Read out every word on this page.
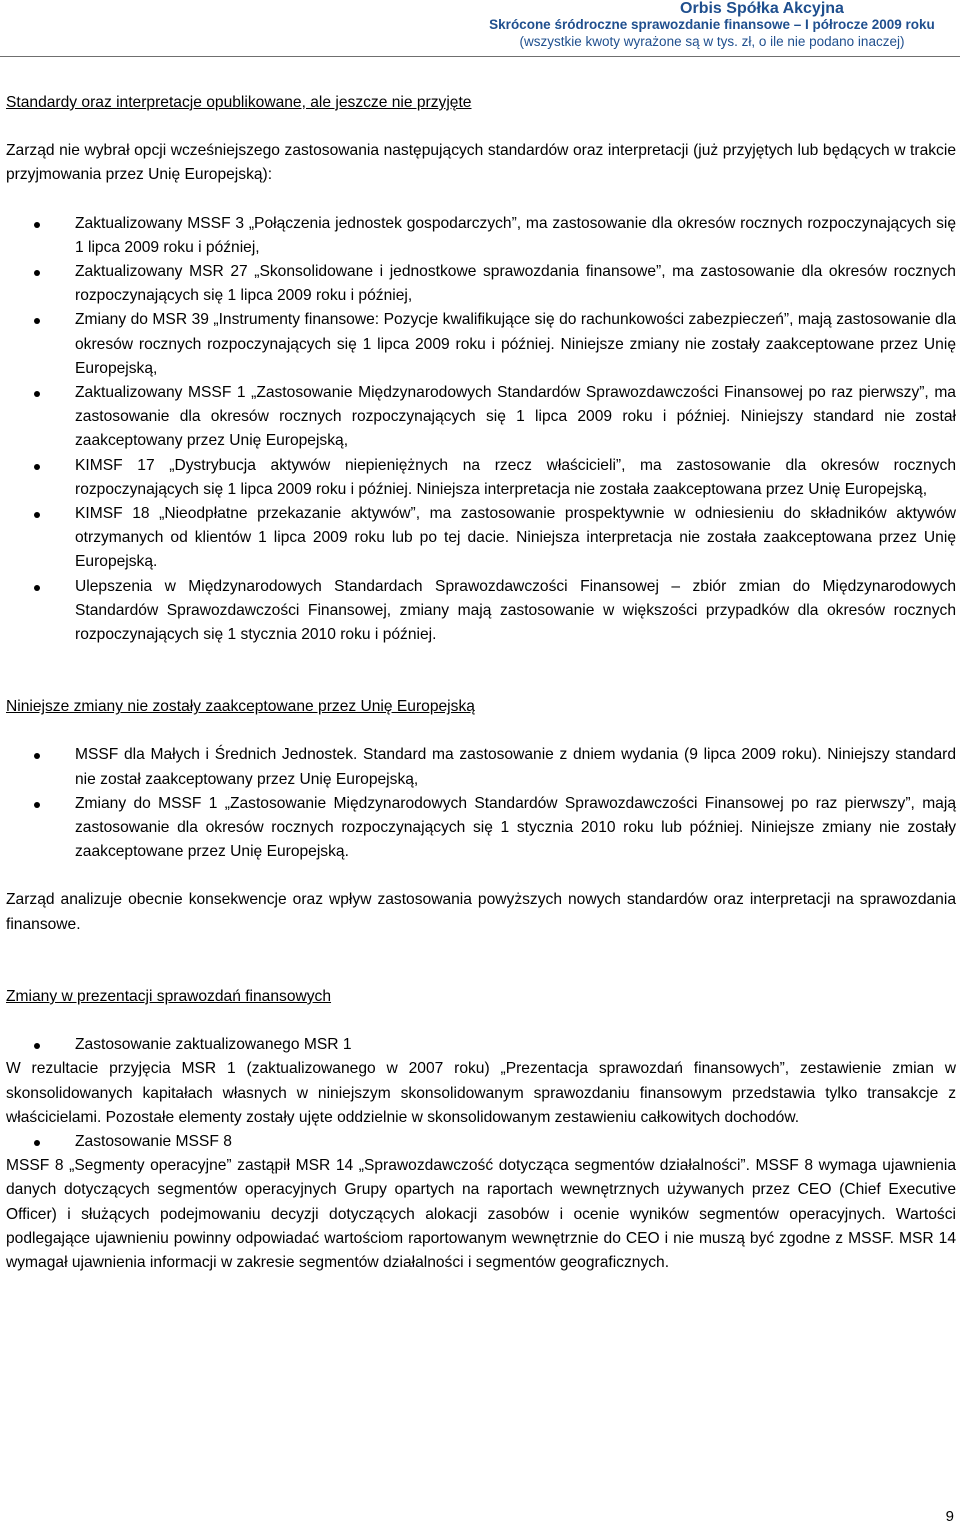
Orbis Spółka Akcyjna
Skrócone śródroczne sprawozdanie finansowe – I półrocze 2009 roku
(wszystkie kwoty wyrażone są w tys. zł, o ile nie podano inaczej)

Standardy oraz interpretacje opublikowane, ale jeszcze nie przyjęte

Zarząd nie wybrał opcji wcześniejszego zastosowania następujących standardów oraz interpretacji (już przyjętych lub będących w trakcie przyjmowania przez Unię Europejską):

Zaktualizowany MSSF 3 „Połączenia jednostek gospodarczych”, ma zastosowanie dla okresów rocznych rozpoczynających się 1 lipca 2009 roku i później,
Zaktualizowany MSR 27 „Skonsolidowane i jednostkowe sprawozdania finansowe”, ma zastosowanie dla okresów rocznych rozpoczynających się 1 lipca 2009 roku i później,
Zmiany do MSR 39 „Instrumenty finansowe: Pozycje kwalifikujące się do rachunkowości zabezpieczeń”, mają zastosowanie dla okresów rocznych rozpoczynających się 1 lipca 2009 roku i później. Niniejsze zmiany nie zostały zaakceptowane przez Unię Europejską,
Zaktualizowany MSSF 1 „Zastosowanie Międzynarodowych Standardów Sprawozdawczości Finansowej po raz pierwszy”, ma zastosowanie dla okresów rocznych rozpoczynających się 1 lipca 2009 roku i później. Niniejszy standard nie został zaakceptowany przez Unię Europejską,
KIMSF 17 „Dystrybucja aktywów niepieniężnych na rzecz właścicieli”, ma zastosowanie dla okresów rocznych rozpoczynających się 1 lipca 2009 roku i później. Niniejsza interpretacja nie została zaakceptowana przez Unię Europejską,
KIMSF 18 „Nieodpłatne przekazanie aktywów”, ma zastosowanie prospektywnie w odniesieniu do składników aktywów otrzymanych od klientów 1 lipca 2009 roku lub po tej dacie. Niniejsza interpretacja nie została zaakceptowana przez Unię Europejską.
Ulepszenia w Międzynarodowych Standardach Sprawozdawczości Finansowej – zbiór zmian do Międzynarodowych Standardów Sprawozdawczości Finansowej, zmiany mają zastosowanie w większości przypadków dla okresów rocznych rozpoczynających się 1 stycznia 2010 roku i później.

Niniejsze zmiany nie zostały zaakceptowane przez Unię Europejską

MSSF dla Małych i Średnich Jednostek. Standard ma zastosowanie z dniem wydania (9 lipca 2009 roku). Niniejszy standard nie został zaakceptowany przez Unię Europejską,
Zmiany do MSSF 1 „Zastosowanie Międzynarodowych Standardów Sprawozdawczości Finansowej po raz pierwszy”, mają zastosowanie dla okresów rocznych rozpoczynających się 1 stycznia 2010 roku lub później. Niniejsze zmiany nie zostały zaakceptowane przez Unię Europejską.

Zarząd analizuje obecnie konsekwencje oraz wpływ zastosowania powyższych nowych standardów oraz interpretacji na sprawozdania finansowe.

Zmiany w prezentacji sprawozdań finansowych

Zastosowanie zaktualizowanego MSR 1

W rezultacie przyjęcia MSR 1 (zaktualizowanego w 2007 roku) „Prezentacja sprawozdań finansowych”, zestawienie zmian w skonsolidowanych kapitałach własnych w niniejszym skonsolidowanym sprawozdaniu finansowym przedstawia tylko transakcje z właścicielami. Pozostałe elementy zostały ujęte oddzielnie w skonsolidowanym zestawieniu całkowitych dochodów.

Zastosowanie MSSF 8

MSSF 8 „Segmenty operacyjne” zastąpił MSR 14 „Sprawozdawczość dotycząca segmentów działalności”. MSSF 8 wymaga ujawnienia danych dotyczących segmentów operacyjnych Grupy opartych na raportach wewnętrznych używanych przez CEO (Chief Executive Officer) i służących podejmowaniu decyzji dotyczących alokacji zasobów i ocenie wyników segmentów operacyjnych. Wartości podlegające ujawnieniu powinny odpowiadać wartościom raportowanym wewnętrznie do CEO i nie muszą być zgodne z MSSF. MSR 14 wymagał ujawnienia informacji w zakresie segmentów działalności i segmentów geograficznych.

9
